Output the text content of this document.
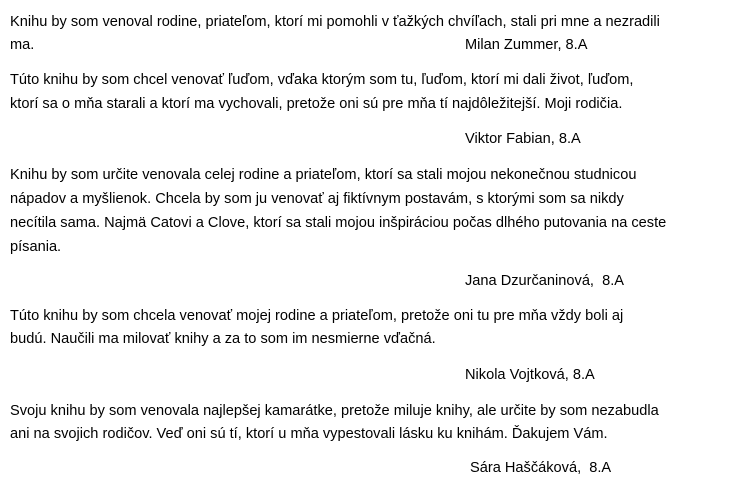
Knihu by som venoval rodine, priateľom, ktorí mi pomohli v ťažkých chvíľach, stali pri mne a nezradili
ma.	Milan Zummer, 8.A
Túto knihu by som chcel venovať ľuďom, vďaka ktorým som tu, ľuďom, ktorí mi dali život, ľuďom,
ktorí sa o mňa starali a ktorí ma vychovali, pretože oni sú pre mňa tí najdôležitejší. Moji rodičia.
Viktor Fabian, 8.A
Knihu by som určite venovala celej rodine a priateľom, ktorí sa stali mojou nekonečnou studnicou
nápadov a myšlienok. Chcela by som ju venovať aj fiktívnym postavám, s ktorými som sa nikdy
necítila sama. Najmä Catovi a Clove, ktorí sa stali mojou inšpiráciou počas dlhého putovania na ceste
písania.
Jana Dzurčaninová,  8.A
Túto knihu by som chcela venovať mojej rodine a priateľom, pretože oni tu pre mňa vždy boli aj
budú. Naučili ma milovať knihy a za to som im nesmierne vďačná.
Nikola Vojtková, 8.A
Svoju knihu by som venovala najlepšej kamarátke, pretože miluje knihy, ale určite by som nezabudla
ani na svojich rodičov. Veď oni sú tí, ktorí u mňa vypestovali lásku ku knihám. Ďakujem Vám.
Sára Haščáková,  8.A
